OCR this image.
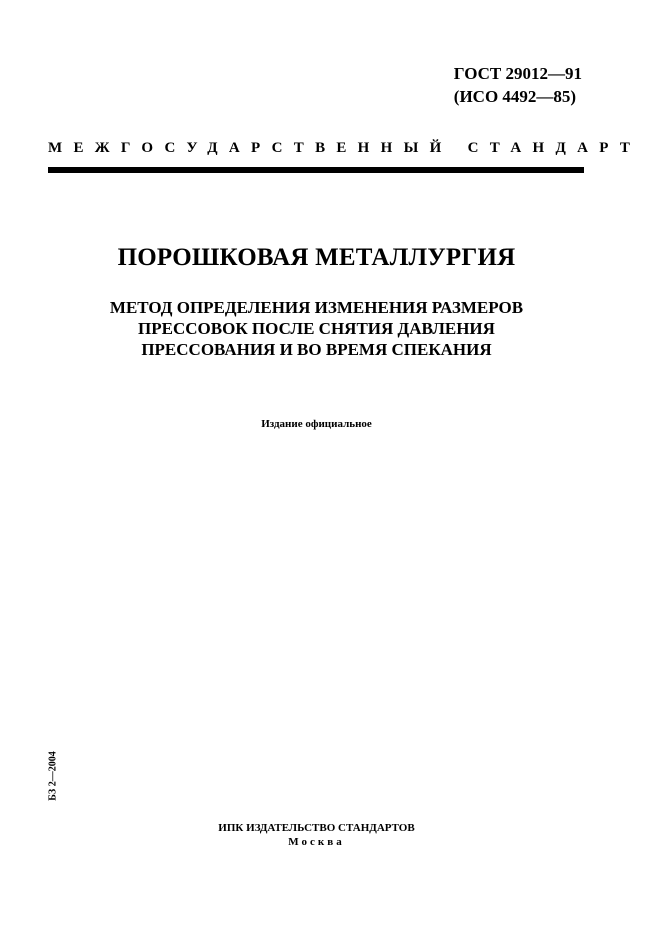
ГОСТ 29012—91
(ИСО 4492—85)
МЕЖГОСУДАРСТВЕННЫЙ СТАНДАРТ
ПОРОШКОВАЯ МЕТАЛЛУРГИЯ
МЕТОД ОПРЕДЕЛЕНИЯ ИЗМЕНЕНИЯ РАЗМЕРОВ
ПРЕССОВОК ПОСЛЕ СНЯТИЯ ДАВЛЕНИЯ
ПРЕССОВАНИЯ И ВО ВРЕМЯ СПЕКАНИЯ
Издание официальное
БЗ 2—2004
ИПК ИЗДАТЕЛЬСТВО СТАНДАРТОВ
Москва
